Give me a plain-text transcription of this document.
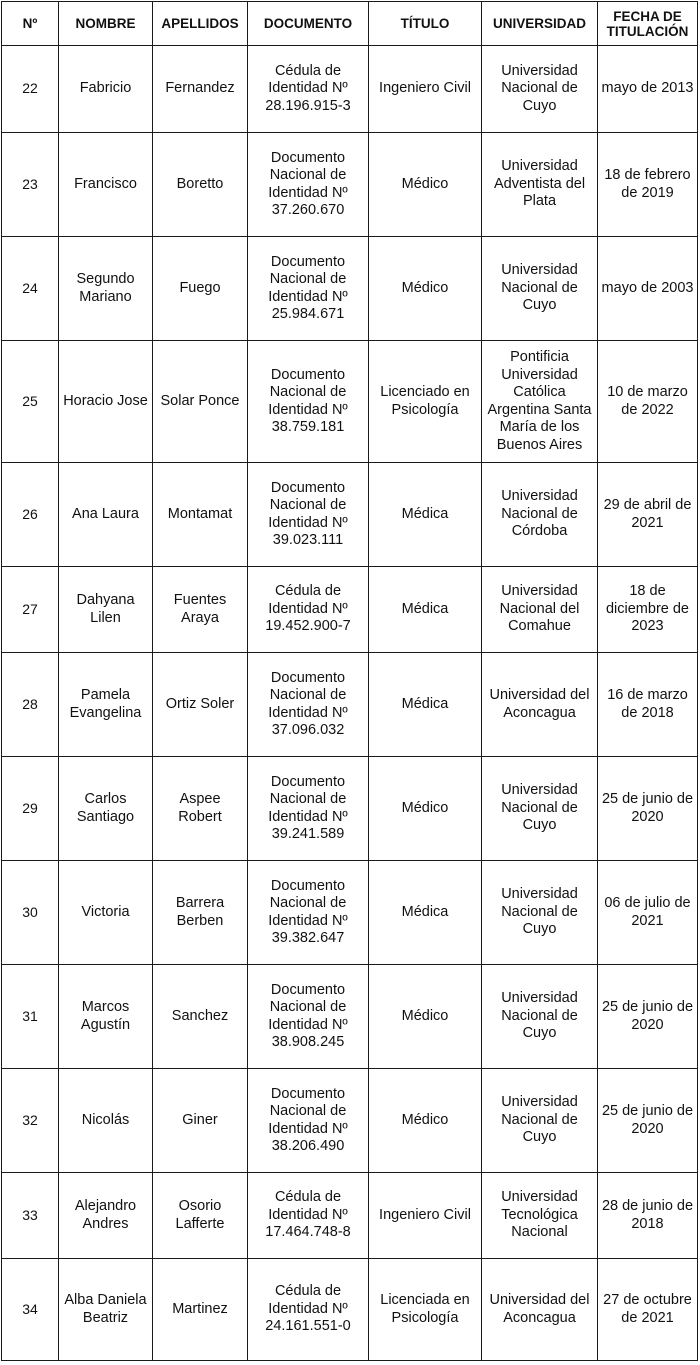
Nº	NOMBRE	APELLIDOS	DOCUMENTO	TÍTULO	UNIVERSIDAD	FECHA DE TITULACIÓN
22	Fabricio	Fernandez	Cédula de Identidad Nº 28.196.915-3	Ingeniero Civil	Universidad Nacional de Cuyo	mayo de 2013
23	Francisco	Boretto	Documento Nacional de Identidad Nº 37.260.670	Médico	Universidad Adventista del Plata	18 de febrero de 2019
24	Segundo Mariano	Fuego	Documento Nacional de Identidad Nº 25.984.671	Médico	Universidad Nacional de Cuyo	mayo de 2003
25	Horacio Jose	Solar Ponce	Documento Nacional de Identidad Nº 38.759.181	Licenciado en Psicología	Pontificia Universidad Católica Argentina Santa María de los Buenos Aires	10 de marzo de 2022
26	Ana Laura	Montamat	Documento Nacional de Identidad Nº 39.023.111	Médica	Universidad Nacional de Córdoba	29 de abril de 2021
27	Dahyana Lilen	Fuentes Araya	Cédula de Identidad Nº 19.452.900-7	Médica	Universidad Nacional del Comahue	18 de diciembre de 2023
28	Pamela Evangelina	Ortiz Soler	Documento Nacional de Identidad Nº 37.096.032	Médica	Universidad del Aconcagua	16 de marzo de 2018
29	Carlos Santiago	Aspee Robert	Documento Nacional de Identidad Nº 39.241.589	Médico	Universidad Nacional de Cuyo	25 de junio de 2020
30	Victoria	Barrera Berben	Documento Nacional de Identidad Nº 39.382.647	Médica	Universidad Nacional de Cuyo	06 de julio de 2021
31	Marcos Agustín	Sanchez	Documento Nacional de Identidad Nº 38.908.245	Médico	Universidad Nacional de Cuyo	25 de junio de 2020
32	Nicolás	Giner	Documento Nacional de Identidad Nº 38.206.490	Médico	Universidad Nacional de Cuyo	25 de junio de 2020
33	Alejandro Andres	Osorio Lafferte	Cédula de Identidad Nº 17.464.748-8	Ingeniero Civil	Universidad Tecnológica Nacional	28 de junio de 2018
34	Alba Daniela Beatriz	Martinez	Cédula de Identidad Nº 24.161.551-0	Licenciada en Psicología	Universidad del Aconcagua	27 de octubre de 2021
